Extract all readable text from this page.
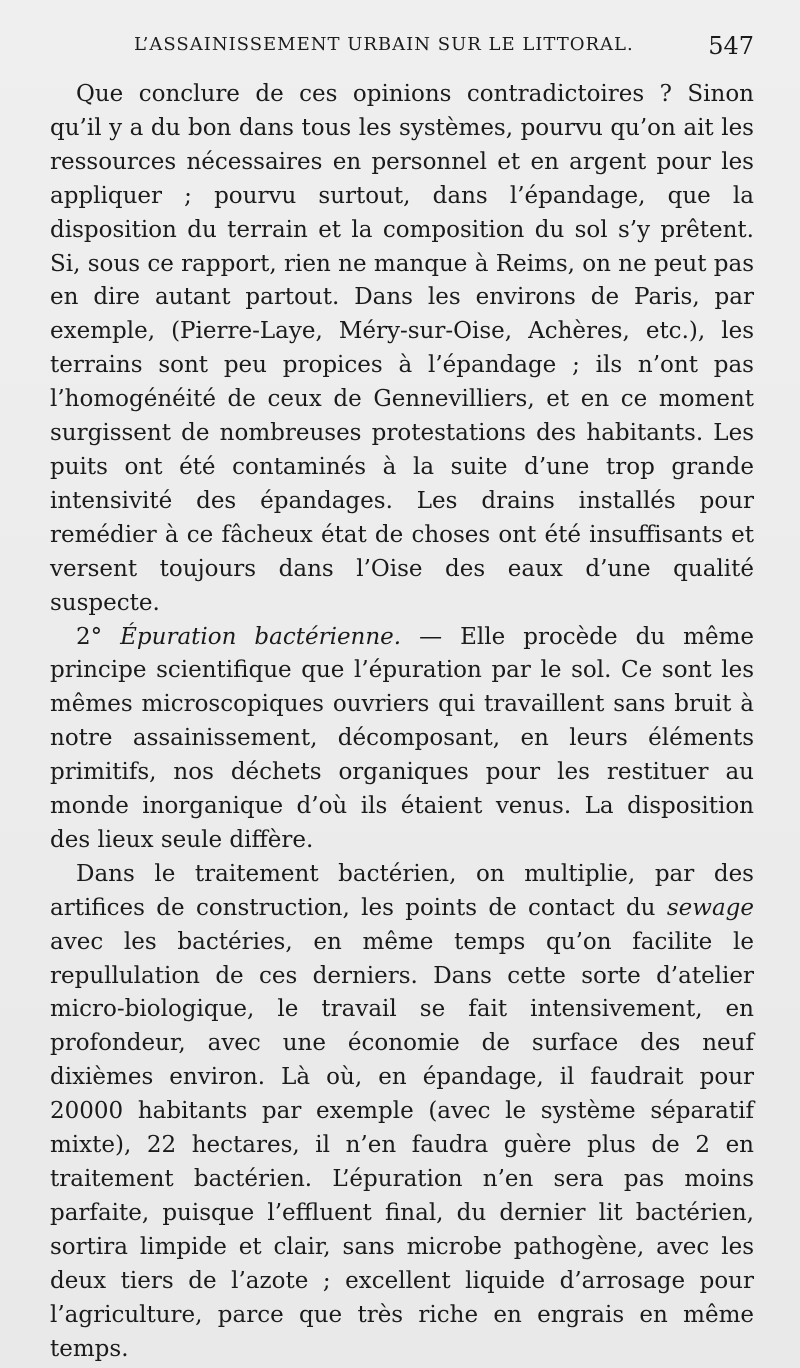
L’ASSAINISSEMENT URBAIN SUR LE LITTORAL.	547

Que conclure de ces opinions contradictoires ? Sinon qu’il y a du bon dans tous les systèmes, pourvu qu’on ait les ressources nécessaires en personnel et en argent pour les appliquer ; pourvu surtout, dans l’épandage, que la disposition du terrain et la composition du sol s’y prêtent. Si, sous ce rapport, rien ne manque à Reims, on ne peut pas en dire autant partout. Dans les environs de Paris, par exemple, (Pierre-Laye, Méry-sur-Oise, Achères, etc.), les terrains sont peu propices à l’épandage ; ils n’ont pas l’homogénéité de ceux de Gennevilliers, et en ce moment surgissent de nombreuses protestations des habitants. Les puits ont été contaminés à la suite d’une trop grande intensivité des épandages. Les drains installés pour remédier à ce fâcheux état de choses ont été insuffisants et versent toujours dans l’Oise des eaux d’une qualité suspecte.

2° Épuration bactérienne. — Elle procède du même principe scientifique que l’épuration par le sol. Ce sont les mêmes microscopiques ouvriers qui travaillent sans bruit à notre assainissement, décomposant, en leurs éléments primitifs, nos déchets organiques pour les restituer au monde inorganique d’où ils étaient venus. La disposition des lieux seule diffère.

Dans le traitement bactérien, on multiplie, par des artifices de construction, les points de contact du sewage avec les bactéries, en même temps qu’on facilite le repullulation de ces derniers. Dans cette sorte d’atelier micro-biologique, le travail se fait intensivement, en profondeur, avec une économie de surface des neuf dixièmes environ. Là où, en épandage, il faudrait pour 20000 habitants par exemple (avec le système séparatif mixte), 22 hectares, il n’en faudra guère plus de 2 en traitement bactérien. L’épuration n’en sera pas moins parfaite, puisque l’effluent final, du dernier lit bactérien, sortira limpide et clair, sans microbe pathogène, avec les deux tiers de l’azote ; excellent liquide d’arrosage pour l’agriculture, parce que très riche en engrais en même temps.
